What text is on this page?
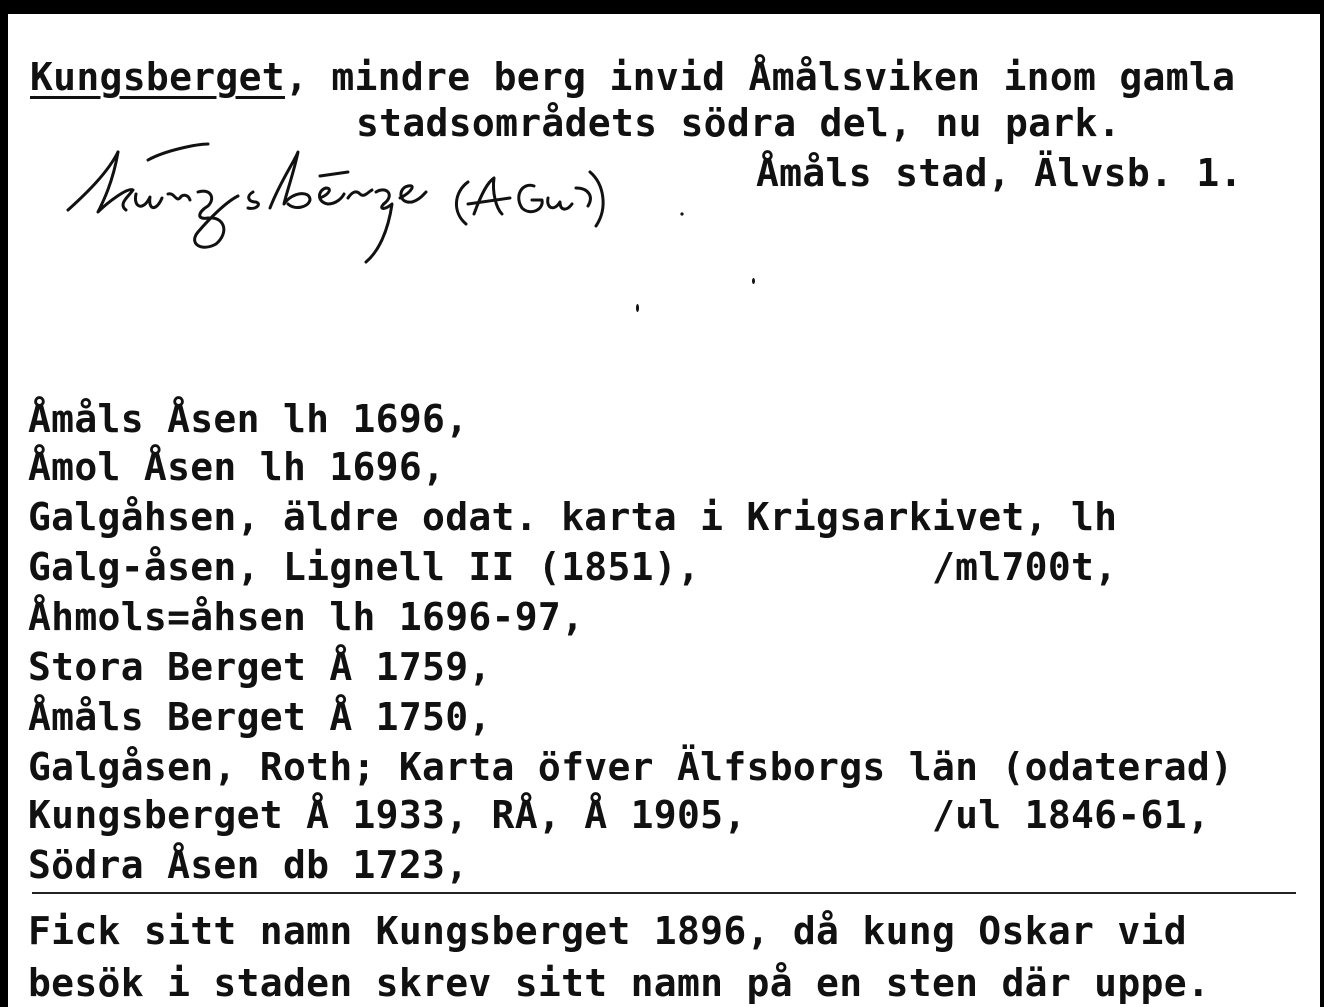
Kungsberget, mindre berg invid Åmålsviken inom gamla
stadsområdets södra del, nu park.
Åmåls stad, Älvsb. 1.
Åmåls Åsen lh 1696,
Åmol Åsen lh 1696,
Galgåhsen, äldre odat. karta i Krigsarkivet, lh
Galg-åsen, Lignell II (1851),          /ml700t,
Åhmols=åhsen lh 1696-97,
Stora Berget Å 1759,
Åmåls Berget Å 1750,
Galgåsen, Roth; Karta öfver Älfsborgs län (odaterad)
Kungsberget Å 1933, RÅ, Å 1905,        /ul 1846-61,
Södra Åsen db 1723,
Fick sitt namn Kungsberget 1896, då kung Oskar vid
besök i staden skrev sitt namn på en sten där uppe.
